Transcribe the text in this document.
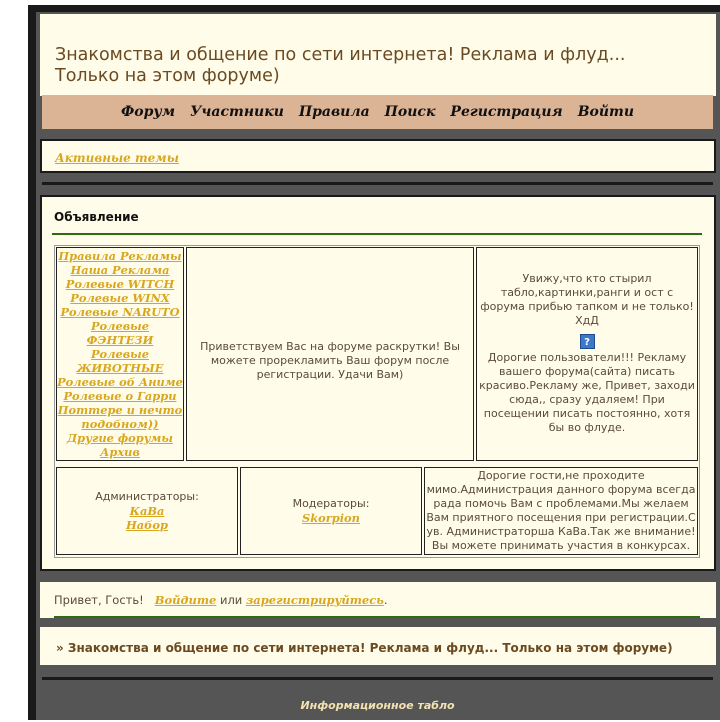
Знакомства и общение по сети интернета! Реклама и флуд... Только на этом форуме)
Форум Участники Правила Поиск Регистрация Войти
Активные темы
Объявление
Правила Рекламы
Наша Реклама
Ролевые WITCH
Ролевые WINX
Ролевые NARUTO
Ролевые ФЭНТЕЗИ
Ролевые ЖИВОТНЫЕ
Ролевые об Аниме
Ролевые о Гарри Поттере и нечто подобном))
Другие форумы
Архив
Приветствуем Вас на форуме раскрутки! Вы можете прорекламить Ваш форум после регистрации. Удачи Вам)
Увижу,что кто стырил табло,картинки,ранги и ост с форума прибью тапком и не только! ХдД
?
Дорогие пользователи!!! Рекламу вашего форума(сайта) писать красиво.Рекламу же, Привет, заходи сюда,, сразу удаляем! При посещении писать постоянно, хотя бы во флуде.
Администраторы:
КаВа
Набор
Модераторы:
Skorpion
Дорогие гости,не проходите мимо.Администрация данного форума всегда рада помочь Вам с проблемами.Мы желаем Вам приятного посещения при регистрации.С ув. Администраторша КаВа.Так же внимание! Вы можете принимать участия в конкурсах.
Привет, Гость! Войдите или зарегистрируйтесь.
» Знакомства и общение по сети интернета! Реклама и флуд... Только на этом форуме)
Информационное табло
